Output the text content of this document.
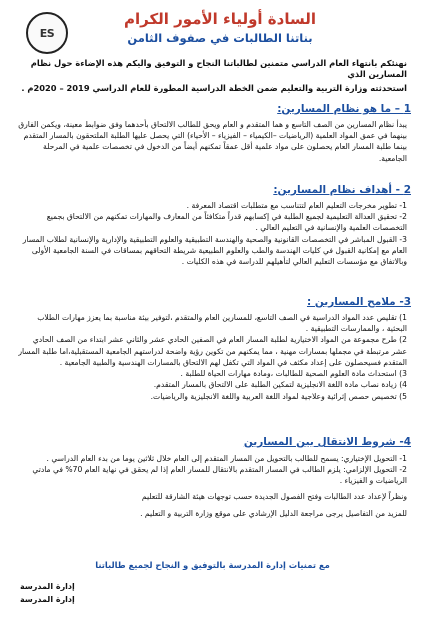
ES
السادة أولياء الأمور الكرام
بناتنا الطالبات في صفوف الثامن

نهنئكم بانتهاء العام الدراسي متمنين لطالباتنا النجاح و التوفيق واليكم هذه الإضاءة حول نظام المسارين الذي

استحدثته وزارة التربية والتعليم ضمن الخطة الدراسية المطورة للعام الدراسي 2019 – 2020م .

1 – ما هو نظام المسارين:

يبدأ نظام المسارين من الصف التاسع و هما المتقدم و العام ويحق للطالب الالتحاق بأحدهما وفق ضوابط معينة، ويكمن الفارق بينهما في عمق المواد العلمية (الرياضيات –الكيمياء – الفيزياء – الأحياء) التي يحصل عليها الطلبة الملتحقون بالمسار المتقدم بينما طلبة المسار العام يحصلون على مواد علمية أقل عمقاً تمكنهم أيضاً من الدخول في تخصصات علمية في المرحلة الجامعية.

2 - أهداف نظام المسارين:

1- تطوير مخرجات التعليم العام لتتناسب مع متطلبات اقتصاد المعرفة .

2- تحقيق العدالة التعليمية لجميع الطلبة في إكسابهم قدراً متكافئاً من المعارف والمهارات تمكنهم من الالتحاق بجميع التخصصات العلمية والإنسانية في التعليم العالي .

3- القبول المباشر في التخصصات القانونية والصحية والهندسة التطبيقية والعلوم التطبيقية والإدارية والإنسانية لطلاب المسار العام مع إمكانية القبول في كليات الهندسة والطب والعلوم الطبيعية شريطة التحاقهم بمساقات في السنة الجامعية الأولى وبالاتفاق مع مؤسسات التعليم العالي لتأهيلهم للدراسة في هذه الكليات .

3- ملامح المسارين :

1) تقليص عدد المواد الدراسية في الصف التاسع، للمسارين العام والمتقدم ،لتوفير بيئة مناسبة بما يعزز مهارات الطلاب البحثية ، والممارسات التطبيقية .

2) طرح مجموعة من المواد الاختيارية لطلبة المسار العام في الصفين الحادي عشر والثاني عشر ابتداء من الصف الحادي عشر مرتبطة في مجملها بمسارات مهنية ، مما يمكنهم من تكوين رؤية واضحة لدراستهم الجامعية المستقبلية،اما طلبة المسار المتقدم فسيحصلون على إعداد مكثف في المواد التي تكفل لهم الالتحاق بالمسارات الهندسية والطبية الجامعية .

3) استحداث مادة العلوم الصحية للطالبات ،ومادة مهارات الحياة للطلبة .

4) زيادة نصاب مادة اللغة الانجليزية لتمكين الطلبة على الالتحاق بالمسار المتقدم.

5) تخصيص حصص إثرائية وعلاجية لمواد اللغة العربية واللغة الانجليزية والرياضيات.

4- شروط الانتقال بين المسارين

1- التحويل الإختياري: يسمح للطالب بالتحويل من المسار المتقدم إلى العام خلال ثلاثين يوما من بدء العام الدراسي .

2- التحويل الإلزامي: يلزم الطالب في المسار المتقدم بالانتقال للمسار العام إذا لم يحقق في نهاية العام 70% في مادتي الرياضيات و الفيزياء .

ونظراً لإعداد عدد الطالبات وفتح الفصول الجديدة حسب توجهات هيئة الشارقة للتعليم

للمزيد من التفاصيل يرجى مراجعة الدليل الإرشادي على موقع وزارة التربية و التعليم .

مع تمنيات إدارة المدرسة بالتوفيق و النجاح لجميع طالباتنا
إدارة المدرسة
إدارة المدرسة
